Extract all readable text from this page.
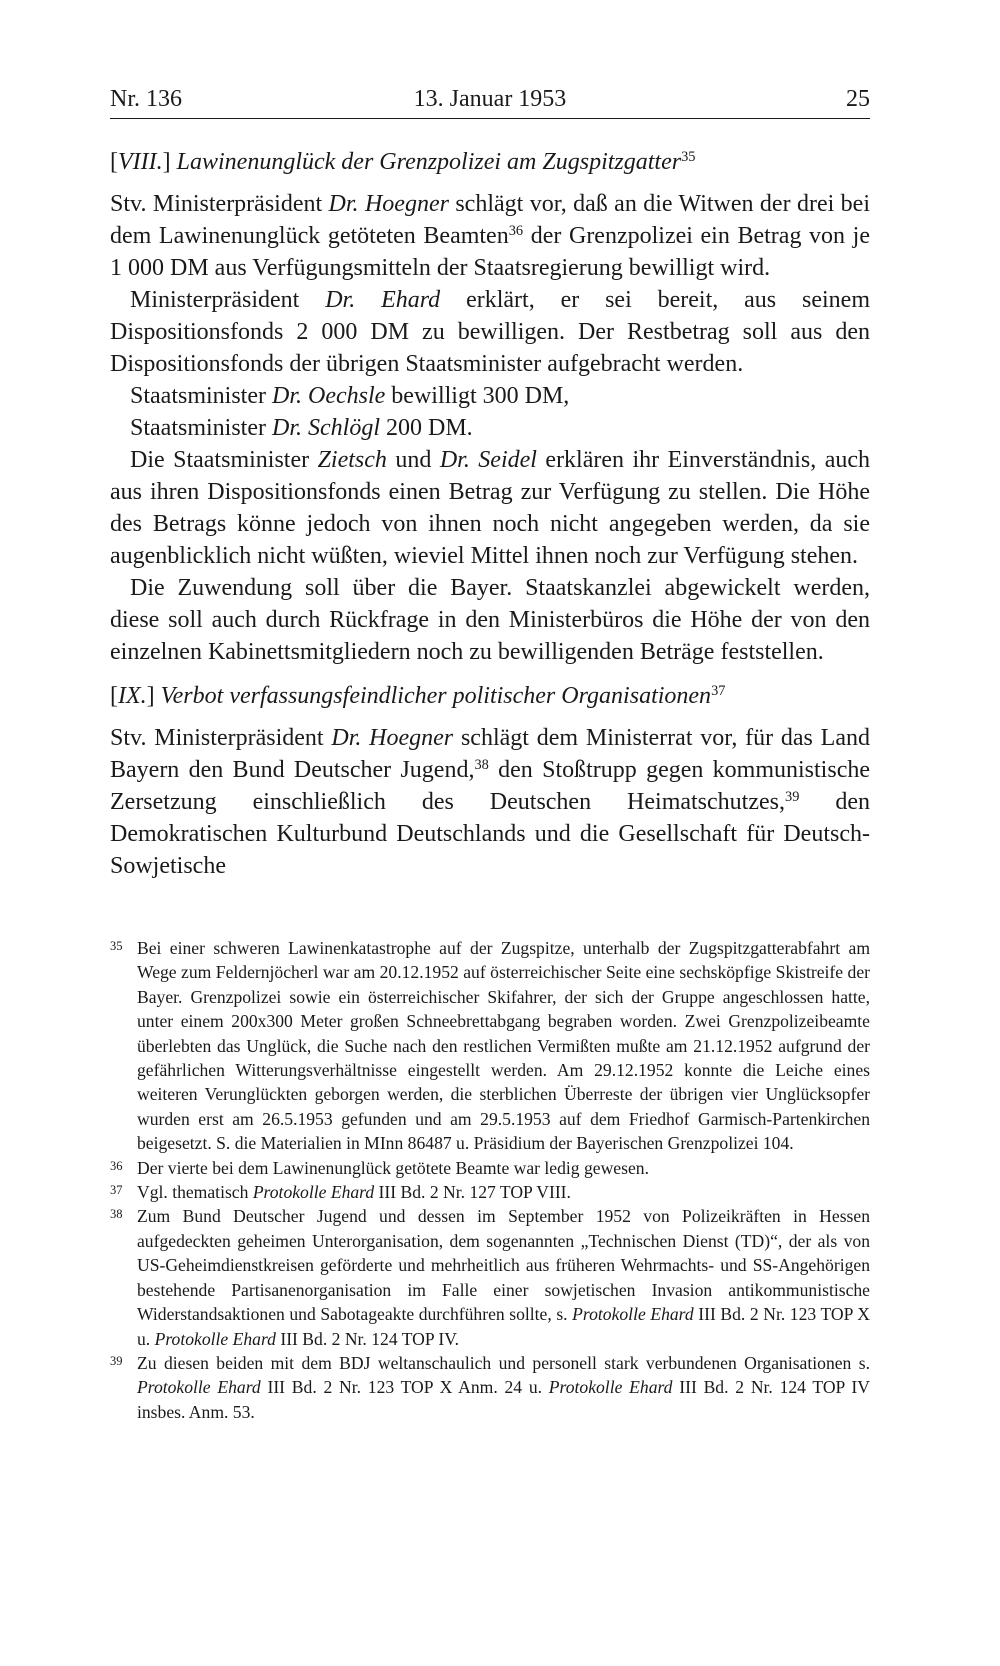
Nr. 136	13. Januar 1953	25

[VIII.] Lawinenunglück der Grenzpolizei am Zugspitzgatter$^{35}$

Stv. Ministerpräsident Dr. Hoegner schlägt vor, daß an die Witwen der drei bei dem Lawinenunglück getöteten Beamten$^{36}$ der Grenzpolizei ein Betrag von je 1 000 DM aus Verfügungsmitteln der Staatsregierung bewilligt wird.

Ministerpräsident Dr. Ehard erklärt, er sei bereit, aus seinem Dispositionsfonds 2 000 DM zu bewilligen. Der Restbetrag soll aus den Dispositionsfonds der übrigen Staatsminister aufgebracht werden.

Staatsminister Dr. Oechsle bewilligt 300 DM,

Staatsminister Dr. Schlögl 200 DM.

Die Staatsminister Zietsch und Dr. Seidel erklären ihr Einverständnis, auch aus ihren Dispositionsfonds einen Betrag zur Verfügung zu stellen. Die Höhe des Betrags könne jedoch von ihnen noch nicht angegeben werden, da sie augenblicklich nicht wüßten, wieviel Mittel ihnen noch zur Verfügung stehen.

Die Zuwendung soll über die Bayer. Staatskanzlei abgewickelt werden, diese soll auch durch Rückfrage in den Ministerbüros die Höhe der von den einzelnen Kabinettsmitgliedern noch zu bewilligenden Beträge feststellen.

[IX.] Verbot verfassungsfeindlicher politischer Organisationen$^{37}$

Stv. Ministerpräsident Dr. Hoegner schlägt dem Ministerrat vor, für das Land Bayern den Bund Deutscher Jugend,$^{38}$ den Stoßtrupp gegen kommunistische Zersetzung einschließlich des Deutschen Heimatschutzes,$^{39}$ den Demokratischen Kulturbund Deutschlands und die Gesellschaft für Deutsch-Sowjetische

35 Bei einer schweren Lawinenkatastrophe auf der Zugspitze, unterhalb der Zugspitzgatterabfahrt am Wege zum Feldernjöcherl war am 20.12.1952 auf österreichischer Seite eine sechsköpfige Skistreife der Bayer. Grenzpolizei sowie ein österreichischer Skifahrer, der sich der Gruppe angeschlossen hatte, unter einem 200x300 Meter großen Schneebrettabgang begraben worden. Zwei Grenzpolizeibeamte überlebten das Unglück, die Suche nach den restlichen Vermißten mußte am 21.12.1952 aufgrund der gefährlichen Witterungsverhältnisse eingestellt werden. Am 29.12.1952 konnte die Leiche eines weiteren Verunglückten geborgen werden, die sterblichen Überreste der übrigen vier Unglücksopfer wurden erst am 26.5.1953 gefunden und am 29.5.1953 auf dem Friedhof Garmisch-Partenkirchen beigesetzt. S. die Materialien in MInn 86487 u. Präsidium der Bayerischen Grenzpolizei 104.
36 Der vierte bei dem Lawinenunglück getötete Beamte war ledig gewesen.
37 Vgl. thematisch Protokolle Ehard III Bd. 2 Nr. 127 TOP VIII.
38 Zum Bund Deutscher Jugend und dessen im September 1952 von Polizeikräften in Hessen aufgedeckten geheimen Unterorganisation, dem sogenannten „Technischen Dienst (TD)“, der als von US-Geheimdienstkreisen geförderte und mehrheitlich aus früheren Wehrmachts- und SS-Angehörigen bestehende Partisanenorganisation im Falle einer sowjetischen Invasion antikommunistische Widerstandsaktionen und Sabotageakte durchführen sollte, s. Protokolle Ehard III Bd. 2 Nr. 123 TOP X u. Protokolle Ehard III Bd. 2 Nr. 124 TOP IV.
39 Zu diesen beiden mit dem BDJ weltanschaulich und personell stark verbundenen Organisationen s. Protokolle Ehard III Bd. 2 Nr. 123 TOP X Anm. 24 u. Protokolle Ehard III Bd. 2 Nr. 124 TOP IV insbes. Anm. 53.
